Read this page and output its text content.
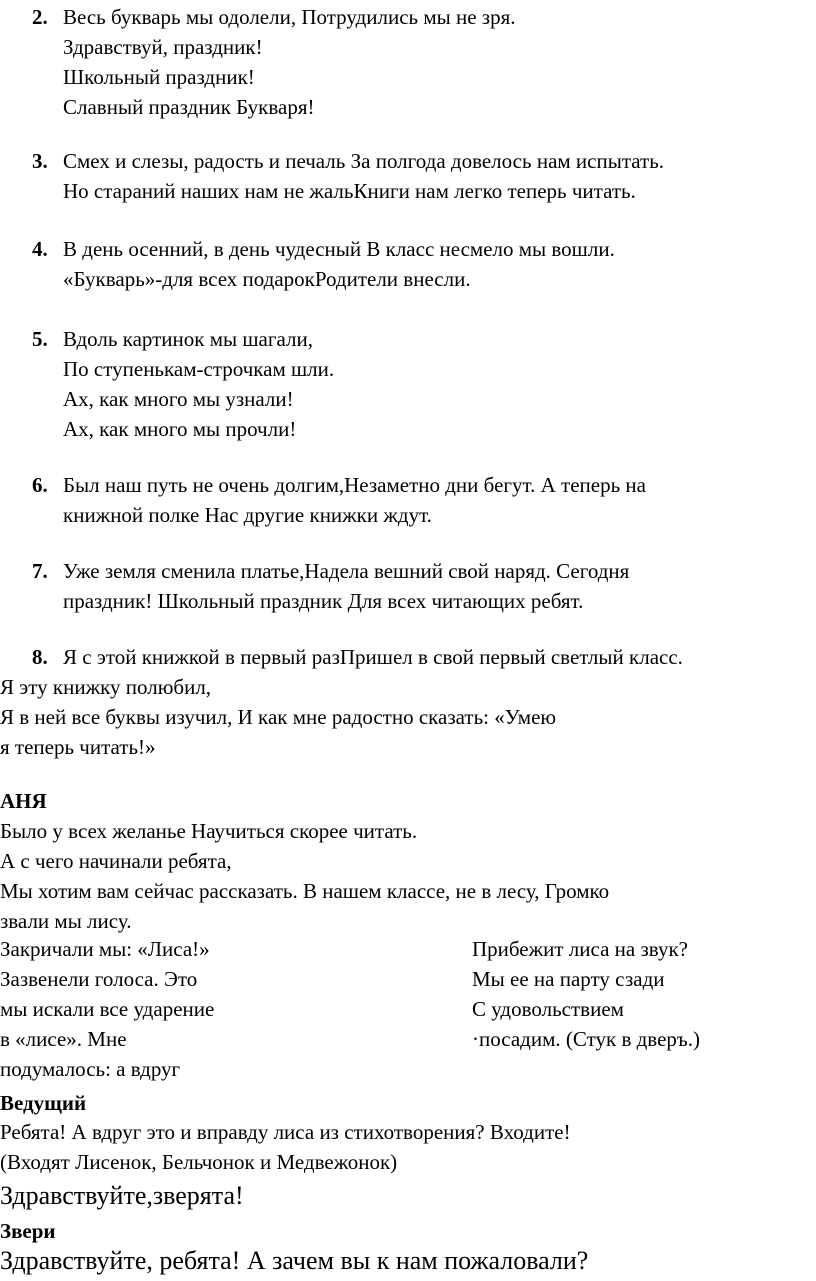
2. Весь букварь мы одолели, Потрудились мы не зря.
Здравствуй, праздник!
Школьный праздник!
Славный праздник Букваря!
3. Смех и слезы, радость и печаль За полгода довелось нам испытать.
Но стараний наших нам не жальКниги нам легко теперь читать.
4. В день осенний, в день чудесный В класс несмело мы вошли.
«Букварь»-для всех подарокРодители внесли.
5. Вдоль картинок мы шагали,
По ступенькам-строчкам шли.
Ах, как много мы узнали!
Ах, как много мы прочли!
6. Был наш путь не очень долгим,Незаметно дни бегут. А теперь на
книжной полке Нас другие книжки ждут.
7. Уже земля сменила платье,Надела вешний свой наряд. Сегодня
праздник! Школьный праздник Для всех читающих ребят.
8. Я с этой книжкой в первый разПришел в свой первый светлый класс.
Я эту книжку полюбил,
Я в ней все буквы изучил, И как мне радостно сказать: «Умею
я теперь читать!»
АНЯ
Было у всех желанье Научиться скорее читать.
А с чего начинали ребята,
Мы хотим вам сейчас рассказать. В нашем классе, не в лесу, Громко
звали мы лису.
Закричали мы: «Лиса!»
Зазвенели голоса. Это
мы искали все ударение
в «лисе». Мне
подумалось: а вдруг
Прибежит лиса на звук?
Мы ее на парту сзади
С удовольствием
·посадим. (Стук в дверъ.)
Ведущий
Ребята! А вдруг это и вправду лиса из стихотворения? Входите!
(Входят Лисенок, Бельчонок и Медвежонок)
Здравствуйте,зверята!
Звери
Здравствуйте, ребята! А зачем вы к нам пожаловали?
